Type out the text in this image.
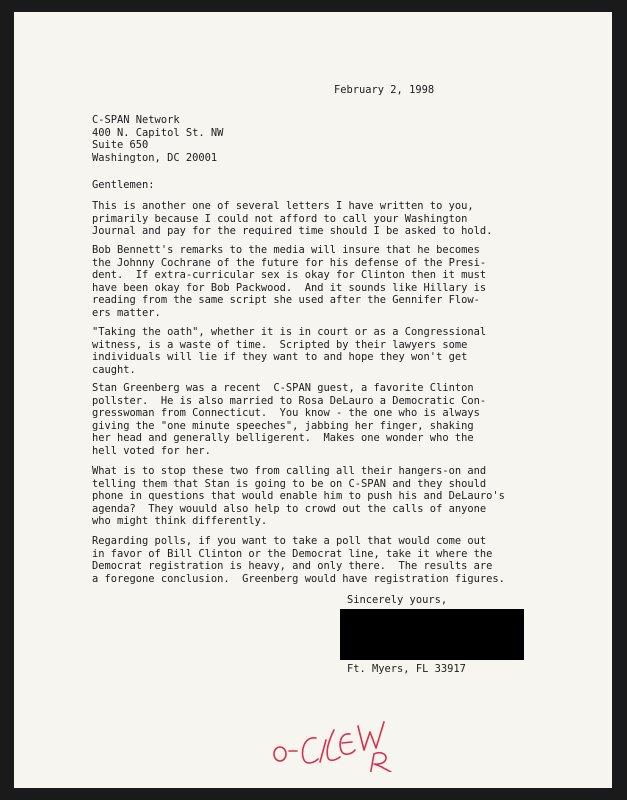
February 2, 1998
C-SPAN Network
400 N. Capitol St. NW
Suite 650
Washington, DC 20001
Gentlemen:
This is another one of several letters I have written to you,
primarily because I could not afford to call your Washington
Journal and pay for the required time should I be asked to hold.
Bob Bennett's remarks to the media will insure that he becomes
the Johnny Cochrane of the future for his defense of the Presi-
dent.  If extra-curricular sex is okay for Clinton then it must
have been okay for Bob Packwood.  And it sounds like Hillary is
reading from the same script she used after the Gennifer Flow-
ers matter.
"Taking the oath", whether it is in court or as a Congressional
witness, is a waste of time.  Scripted by their lawyers some
individuals will lie if they want to and hope they won't get
caught.
Stan Greenberg was a recent  C-SPAN guest, a favorite Clinton
pollster.  He is also married to Rosa DeLauro a Democratic Con-
gresswoman from Connecticut.  You know - the one who is always
giving the "one minute speeches", jabbing her finger, shaking
her head and generally belligerent.  Makes one wonder who the
hell voted for her.
What is to stop these two from calling all their hangers-on and
telling them that Stan is going to be on C-SPAN and they should
phone in questions that would enable him to push his and DeLauro's
agenda?  They wouuld also help to crowd out the calls of anyone
who might think differently.
Regarding polls, if you want to take a poll that would come out
in favor of Bill Clinton or the Democrat line, take it where the
Democrat registration is heavy, and only there.  The results are
a foregone conclusion.  Greenberg would have registration figures.
Sincerely yours,
Ft. Myers, FL 33917
